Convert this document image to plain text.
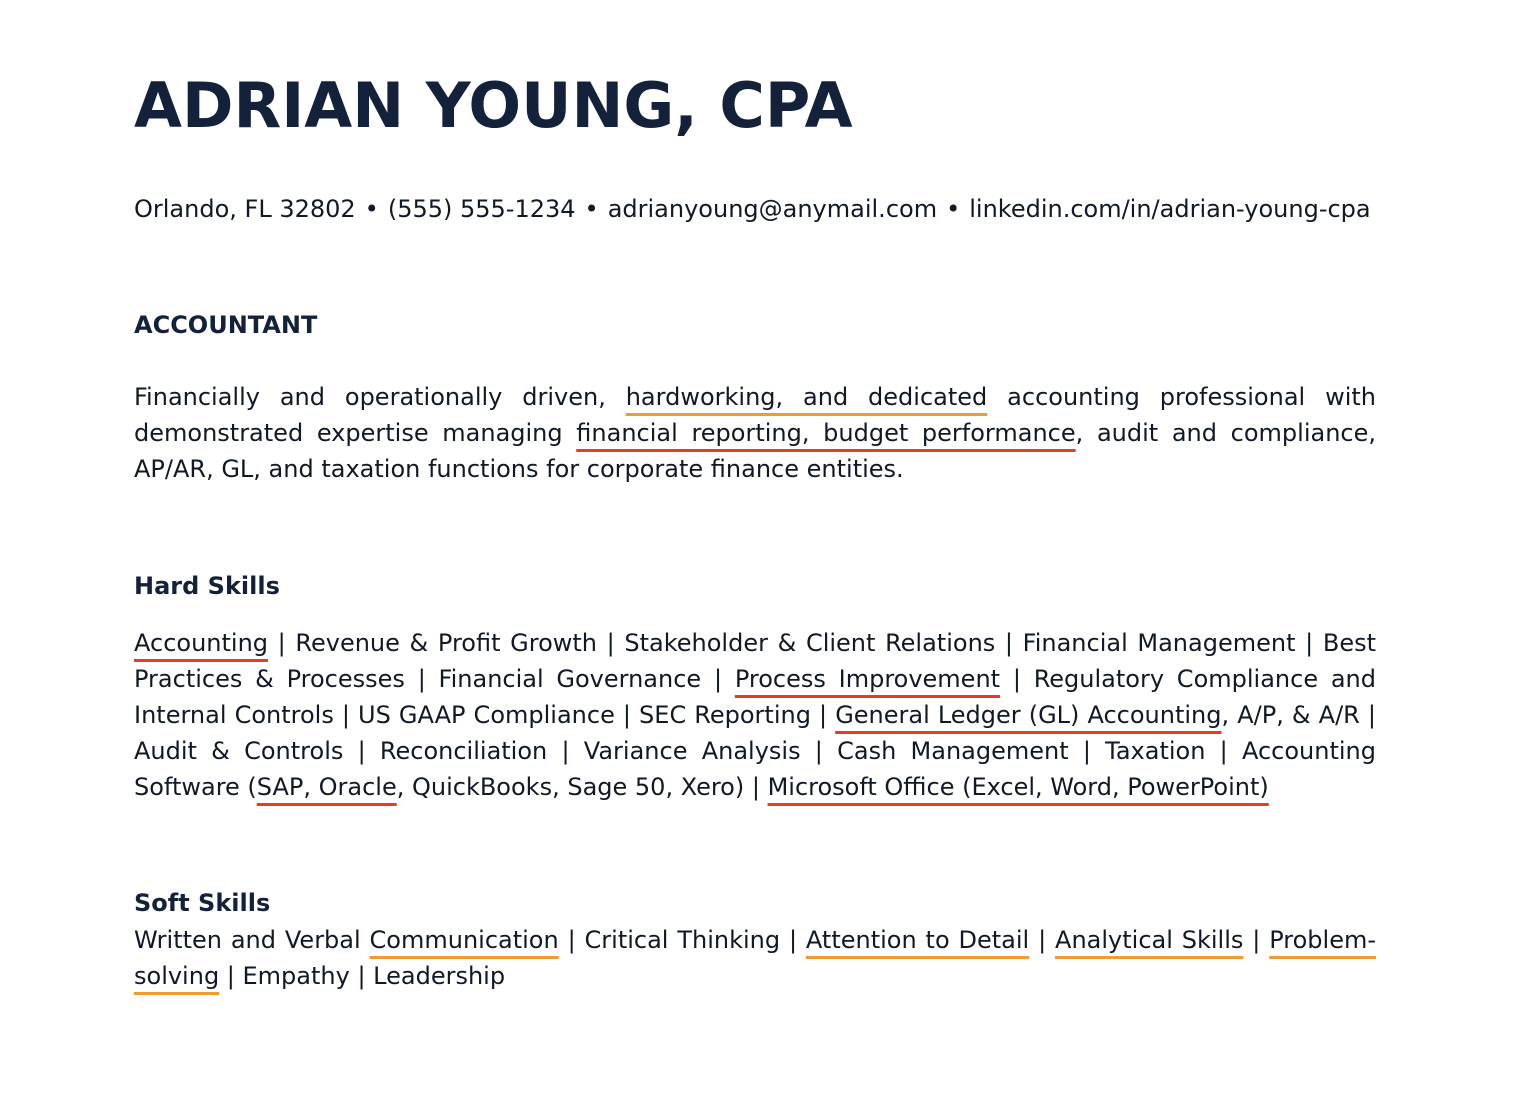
ADRIAN YOUNG, CPA
Orlando, FL 32802 • (555) 555-1234 • adrianyoung@anymail.com • linkedin.com/in/adrian-young-cpa
ACCOUNTANT

Financially and operationally driven, hardworking, and dedicated accounting professional with demonstrated expertise managing financial reporting, budget performance, audit and compliance, AP/AR, GL, and taxation functions for corporate finance entities.

Hard Skills

Accounting | Revenue & Profit Growth | Stakeholder & Client Relations | Financial Management | Best Practices & Processes | Financial Governance | Process Improvement | Regulatory Compliance and Internal Controls | US GAAP Compliance | SEC Reporting | General Ledger (GL) Accounting, A/P, & A/R | Audit & Controls | Reconciliation | Variance Analysis | Cash Management | Taxation | Accounting Software (SAP, Oracle, QuickBooks, Sage 50, Xero) | Microsoft Office (Excel, Word, PowerPoint)

Soft Skills

Written and Verbal Communication | Critical Thinking | Attention to Detail | Analytical Skills | Problem-solving | Empathy | Leadership
